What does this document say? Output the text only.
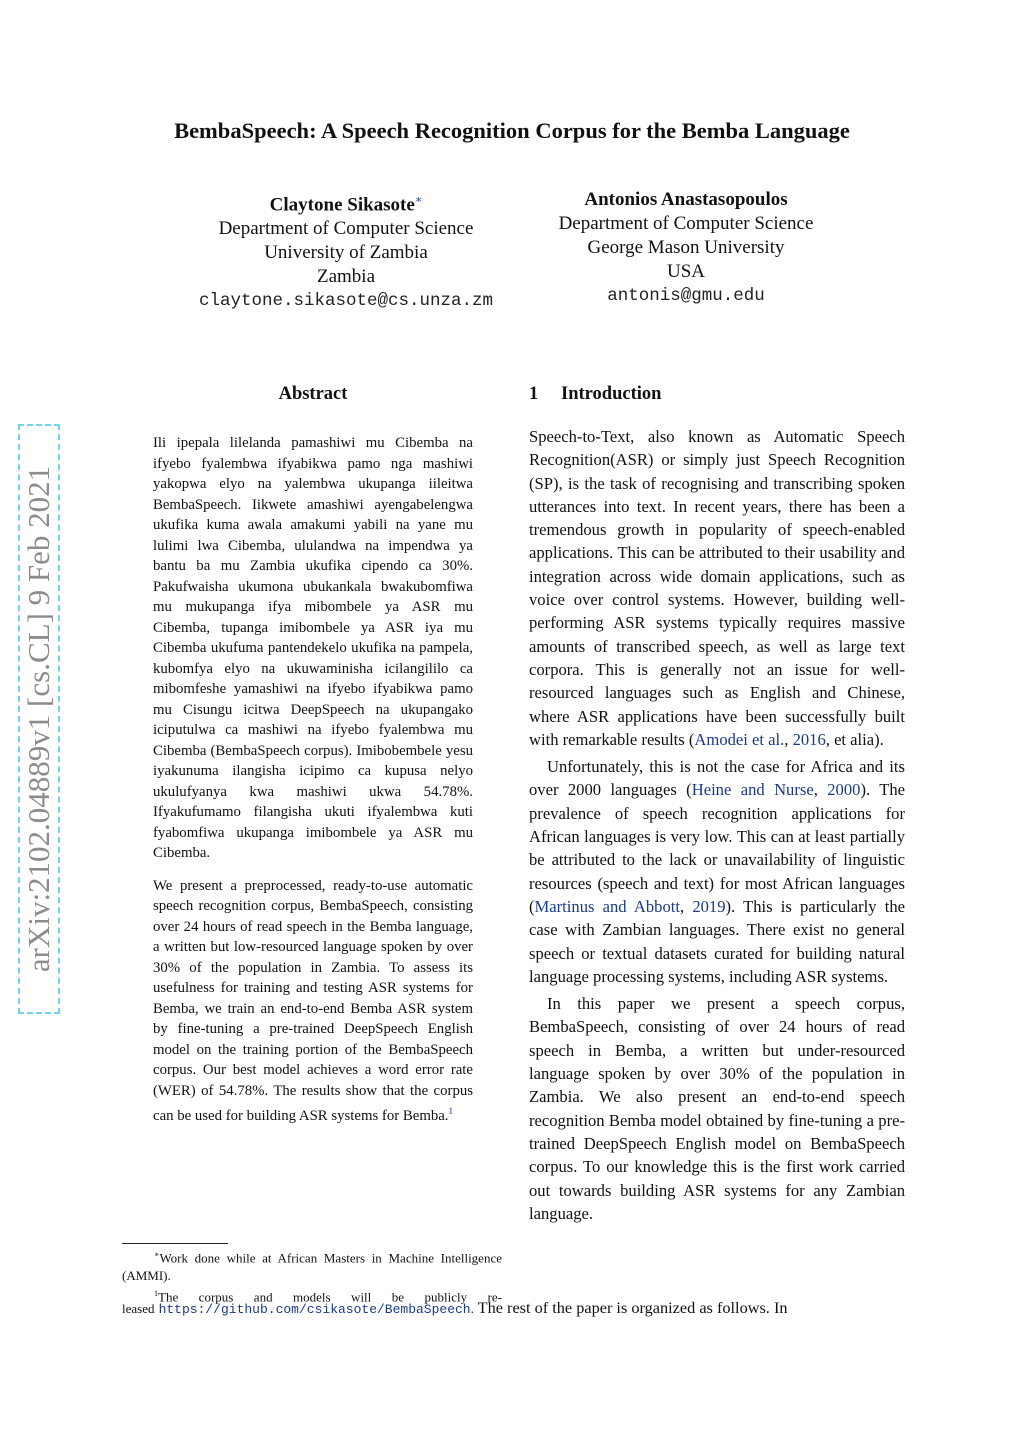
BembaSpeech: A Speech Recognition Corpus for the Bemba Language
Claytone Sikasote∗
Department of Computer Science
University of Zambia
Zambia
claytone.sikasote@cs.unza.zm
Antonios Anastasopoulos
Department of Computer Science
George Mason University
USA
antonis@gmu.edu
arXiv:2102.04889v1 [cs.CL] 9 Feb 2021
Abstract

Ili ipepala lilelanda pamashiwi mu Cibemba na ifyebo fyalembwa ifyabikwa pamo nga mashiwi yakopwa elyo na yalembwa ukupanga iileitwa BembaSpeech. Iikwete amashiwi ayengabelengwa ukufika kuma awala amakumi yabili na yane mu lulimi lwa Cibemba, ululandwa na impendwa ya bantu ba mu Zambia ukufika cipendo ca 30%. Pakufwaisha ukumona ubukankala bwakubomfiwa mu mukupanga ifya mibombele ya ASR mu Cibemba, tupanga imibombele ya ASR iya mu Cibemba ukufuma pantendekelo ukufika na pampela, kubomfya elyo na ukuwaminisha icilangililo ca mibomfeshe yamashiwi na ifyebo ifyabikwa pamo mu Cisungu icitwa DeepSpeech na ukupangako iciputulwa ca mashiwi na ifyebo fyalembwa mu Cibemba (BembaSpeech corpus). Imibobembele yesu iyakunuma ilangisha icipimo ca kupusa nelyo ukulufyanya kwa mashiwi ukwa 54.78%. Ifyakufumamo filangisha ukuti ifyalembwa kuti fyabomfiwa ukupanga imibombele ya ASR mu Cibemba.

We present a preprocessed, ready-to-use automatic speech recognition corpus, BembaSpeech, consisting over 24 hours of read speech in the Bemba language, a written but low-resourced language spoken by over 30% of the population in Zambia. To assess its usefulness for training and testing ASR systems for Bemba, we train an end-to-end Bemba ASR system by fine-tuning a pre-trained DeepSpeech English model on the training portion of the BembaSpeech corpus. Our best model achieves a word error rate (WER) of 54.78%. The results show that the corpus can be used for building ASR systems for Bemba.$^1$

1 Introduction

Speech-to-Text, also known as Automatic Speech Recognition(ASR) or simply just Speech Recognition (SP), is the task of recognising and transcribing spoken utterances into text. In recent years, there has been a tremendous growth in popularity of speech-enabled applications. This can be attributed to their usability and integration across wide domain applications, such as voice over control systems. However, building well-performing ASR systems typically requires massive amounts of transcribed speech, as well as large text corpora. This is generally not an issue for well-resourced languages such as English and Chinese, where ASR applications have been successfully built with remarkable results (Amodei et al., 2016, et alia).

Unfortunately, this is not the case for Africa and its over 2000 languages (Heine and Nurse, 2000). The prevalence of speech recognition applications for African languages is very low. This can at least partially be attributed to the lack or unavailability of linguistic resources (speech and text) for most African languages (Martinus and Abbott, 2019). This is particularly the case with Zambian languages. There exist no general speech or textual datasets curated for building natural language processing systems, including ASR systems.

In this paper we present a speech corpus, BembaSpeech, consisting of over 24 hours of read speech in Bemba, a written but under-resourced language spoken by over 30% of the population in Zambia. We also present an end-to-end speech recognition Bemba model obtained by fine-tuning a pre-trained DeepSpeech English model on BembaSpeech corpus. To our knowledge this is the first work carried out towards building ASR systems for any Zambian language.

∗Work done while at African Masters in Machine Intelligence (AMMI).

$^1$The corpus and models will be publicly re-

leased https://github.com/csikasote/BembaSpeech. The rest of the paper is organized as follows. In
